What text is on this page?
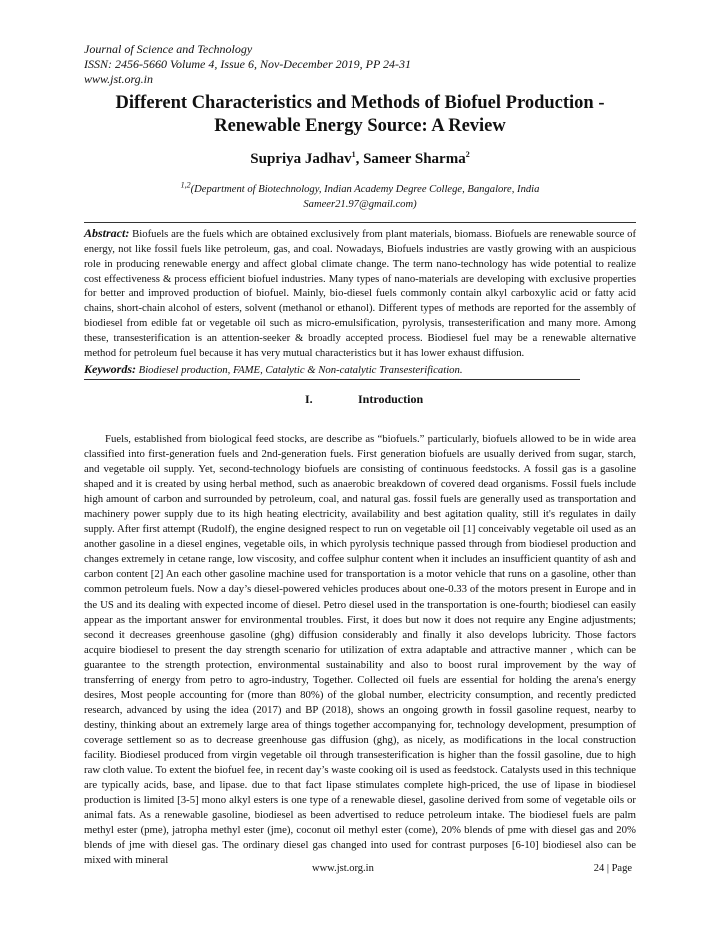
Journal of Science and Technology
ISSN: 2456-5660 Volume 4, Issue 6, Nov-December 2019, PP 24-31
www.jst.org.in
Different Characteristics and Methods of Biofuel Production -
Renewable Energy Source: A Review
Supriya Jadhav$^1$, Sameer Sharma$^2$
$^{1,2}$(Department of Biotechnology, Indian Academy Degree College, Bangalore, India
Sameer21.97@gmail.com)
Abstract: Biofuels are the fuels which are obtained exclusively from plant materials, biomass. Biofuels are renewable source of energy, not like fossil fuels like petroleum, gas, and coal. Nowadays, Biofuels industries are vastly growing with an auspicious role in producing renewable energy and affect global climate change. The term nano-technology has wide potential to realize cost effectiveness & process efficient biofuel industries. Many types of nano-materials are developing with exclusive properties for better and improved production of biofuel. Mainly, bio-diesel fuels commonly contain alkyl carboxylic acid or fatty acid chains, short-chain alcohol of esters, solvent (methanol or ethanol). Different types of methods are reported for the assembly of biodiesel from edible fat or vegetable oil such as micro-emulsification, pyrolysis, transesterification and many more. Among these, transesterification is an attention-seeker & broadly accepted process. Biodiesel fuel may be a renewable alternative method for petroleum fuel because it has very mutual characteristics but it has lower exhaust diffusion.
Keywords: Biodiesel production, FAME, Catalytic & Non-catalytic Transesterification.
I.	Introduction
Fuels, established from biological feed stocks, are describe as “biofuels.” particularly, biofuels allowed to be in wide area classified into first-generation fuels and 2nd-generation fuels. First generation biofuels are usually derived from sugar, starch, and vegetable oil supply. Yet, second-technology biofuels are consisting of continuous feedstocks. A fossil gas is a gasoline shaped and it is created by using herbal method, such as anaerobic breakdown of covered dead organisms. Fossil fuels include high amount of carbon and surrounded by petroleum, coal, and natural gas. fossil fuels are generally used as transportation and machinery power supply due to its high heating electricity, availability and best agitation quality, still it's regulates in daily supply. After first attempt (Rudolf), the engine designed respect to run on vegetable oil [1] conceivably vegetable oil used as an another gasoline in a diesel engines, vegetable oils, in which pyrolysis technique passed through from biodiesel production and changes extremely in cetane range, low viscosity, and coffee sulphur content when it includes an insufficient quantity of ash and carbon content [2] An each other gasoline machine used for transportation is a motor vehicle that runs on a gasoline, other than common petroleum fuels. Now a day’s diesel-powered vehicles produces about one-0.33 of the motors present in Europe and in the US and its dealing with expected income of diesel. Petro diesel used in the transportation is one-fourth; biodiesel can easily appear as the important answer for environmental troubles. First, it does but now it does not require any Engine adjustments; second it decreases greenhouse gasoline (ghg) diffusion considerably and finally it also develops lubricity. Those factors acquire biodiesel to present the day strength scenario for utilization of extra adaptable and attractive manner , which can be guarantee to the strength protection, environmental sustainability and also to boost rural improvement by the way of transferring of energy from petro to agro-industry, Together. Collected oil fuels are essential for holding the arena's energy desires, Most people accounting for (more than 80%) of the global number, electricity consumption, and recently predicted research, advanced by using the idea (2017) and BP (2018), shows an ongoing growth in fossil gasoline request, nearby to destiny, thinking about an extremely large area of things together accompanying for, technology development, presumption of coverage settlement so as to decrease greenhouse gas diffusion (ghg), as nicely, as modifications in the local construction facility. Biodiesel produced from virgin vegetable oil through transesterification is higher than the fossil gasoline, due to high raw cloth value. To extent the biofuel fee, in recent day’s waste cooking oil is used as feedstock. Catalysts used in this technique are typically acids, base, and lipase. due to that fact lipase stimulates complete high-priced, the use of lipase in biodiesel production is limited [3-5] mono alkyl esters is one type of a renewable diesel, gasoline derived from some of vegetable oils or animal fats. As a renewable gasoline, biodiesel as been advertised to reduce petroleum intake. The biodiesel fuels are palm methyl ester (pme), jatropha methyl ester (jme), coconut oil methyl ester (come), 20% blends of pme with diesel gas and 20% blends of jme with diesel gas. The ordinary diesel gas changed into used for contrast purposes [6-10] biodiesel also can be mixed with mineral
www.jst.org.in	24 | Page
